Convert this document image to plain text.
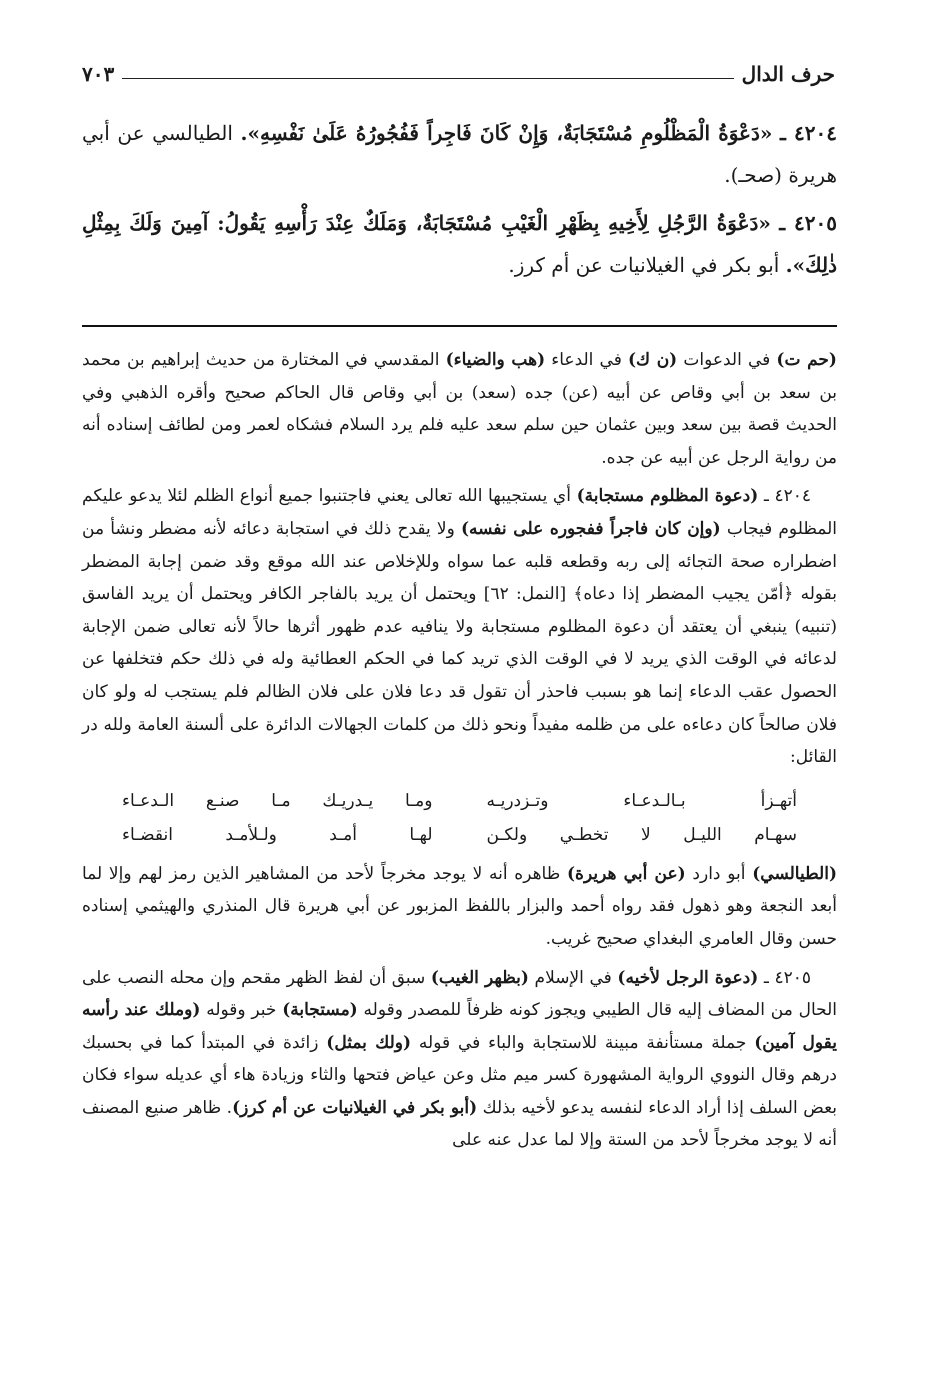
حرف الدال
٧٠٣

٤٢٠٤ ـ «دَعْوَةُ الْمَظْلُومِ مُسْتَجَابَةٌ، وَإِنْ كَانَ فَاجِراً فَفُجُورُهُ عَلَىٰ نَفْسِهِ». الطيالسي عن أبي هريرة (صحـ).

٤٢٠٥ ـ «دَعْوَةُ الرَّجُلِ لِأَخِيهِ بِظَهْرِ الْغَيْبِ مُسْتَجَابَةٌ، وَمَلَكٌ عِنْدَ رَأْسِهِ يَقُولُ: آمِينَ وَلَكَ بِمِثْلِ ذٰلِكَ». أبو بكر في الغيلانيات عن أم كرز.

(حم ت) في الدعوات (ن ك) في الدعاء (هب والضياء) المقدسي في المختارة من حديث إبراهيم بن محمد بن سعد بن أبي وقاص عن أبيه (عن) جده (سعد) بن أبي وقاص قال الحاكم صحيح وأقره الذهبي وفي الحديث قصة بين سعد وبين عثمان حين سلم سعد عليه فلم يرد السلام فشكاه لعمر ومن لطائف إسناده أنه من رواية الرجل عن أبيه عن جده.

٤٢٠٤ ـ (دعوة المظلوم مستجابة) أي يستجيبها الله تعالى يعني فاجتنبوا جميع أنواع الظلم لئلا يدعو عليكم المظلوم فيجاب (وإن كان فاجراً ففجوره على نفسه) ولا يقدح ذلك في استجابة دعائه لأنه مضطر ونشأ من اضطراره صحة التجائه إلى ربه وقطعه قلبه عما سواه وللإخلاص عند الله موقع وقد ضمن إجابة المضطر بقوله ﴿أمّن يجيب المضطر إذا دعاه﴾ [النمل: ٦٢] ويحتمل أن يريد بالفاجر الكافر ويحتمل أن يريد الفاسق (تنبيه) ينبغي أن يعتقد أن دعوة المظلوم مستجابة ولا ينافيه عدم ظهور أثرها حالاً لأنه تعالى ضمن الإجابة لدعائه في الوقت الذي يريد لا في الوقت الذي تريد كما في الحكم العطائية وله في ذلك حكم فتخلفها عن الحصول عقب الدعاء إنما هو بسبب فاحذر أن تقول قد دعا فلان على فلان الظالم فلم يستجب له ولو كان فلان صالحاً كان دعاءه على من ظلمه مفيداً ونحو ذلك من كلمات الجهالات الدائرة على ألسنة العامة ولله در القائل:

أتهـزأ بـالـدعـاء وتـزدريـه
ومـا يـدريـك مـا صنـع الـدعـاء
سهـام الليـل لا تخطـي ولكـن
لهـا أمـد ولـلأمـد انقضـاء

(الطيالسي) أبو دارد (عن أبي هريرة) ظاهره أنه لا يوجد مخرجاً لأحد من المشاهير الذين رمز لهم وإلا لما أبعد النجعة وهو ذهول فقد رواه أحمد والبزار باللفظ المزبور عن أبي هريرة قال المنذري والهيثمي إسناده حسن وقال العامري البغداي صحيح غريب.

٤٢٠٥ ـ (دعوة الرجل لأخيه) في الإسلام (بظهر الغيب) سبق أن لفظ الظهر مقحم وإن محله النصب على الحال من المضاف إليه قال الطيبي ويجوز كونه ظرفاً للمصدر وقوله (مستجابة) خبر وقوله (وملك عند رأسه يقول آمين) جملة مستأنفة مبينة للاستجابة والباء في قوله (ولك بمثل) زائدة في المبتدأ كما في بحسبك درهم وقال النووي الرواية المشهورة كسر ميم مثل وعن عياض فتحها والثاء وزيادة هاء أي عديله سواء فكان بعض السلف إذا أراد الدعاء لنفسه يدعو لأخيه بذلك (أبو بكر في الغيلانيات عن أم كرز). ظاهر صنيع المصنف أنه لا يوجد مخرجاً لأحد من الستة وإلا لما عدل عنه على
